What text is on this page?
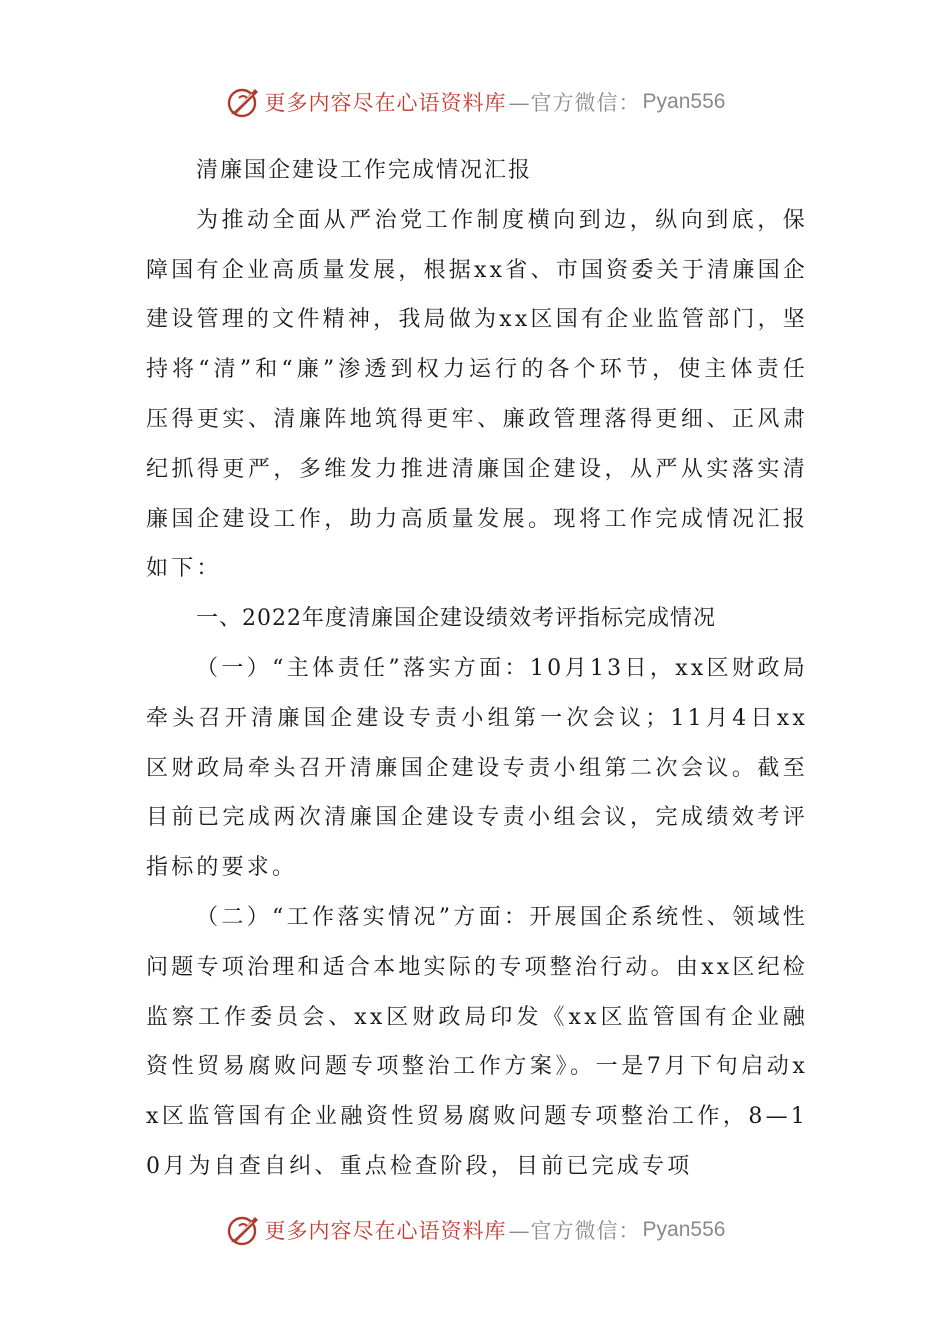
更多内容尽在心语资料库 —官方微信： Pyan556
清廉国企建设工作完成情况汇报

为推动全面从严治党工作制度横向到边，纵向到底，保障国有企业高质量发展，根据xx省、市国资委关于清廉国企建设管理的文件精神，我局做为xx区国有企业监管部门，坚持将“清”和“廉”渗透到权力运行的各个环节，使主体责任压得更实、清廉阵地筑得更牢、廉政管理落得更细、正风肃纪抓得更严，多维发力推进清廉国企建设，从严从实落实清廉国企建设工作，助力高质量发展。现将工作完成情况汇报如下：

一、2022年度清廉国企建设绩效考评指标完成情况

（一）“主体责任”落实方面：10月13日，xx区财政局牵头召开清廉国企建设专责小组第一次会议；11月4日xx区财政局牵头召开清廉国企建设专责小组第二次会议。截至目前已完成两次清廉国企建设专责小组会议，完成绩效考评指标的要求。

（二）“工作落实情况”方面：开展国企系统性、领域性问题专项治理和适合本地实际的专项整治行动。由xx区纪检监察工作委员会、xx区财政局印发《xx区监管国有企业融资性贸易腐败问题专项整治工作方案》。一是7月下旬启动xx区监管国有企业融资性贸易腐败问题专项整治工作，8—10月为自查自纠、重点检查阶段，目前已完成专项

更多内容尽在心语资料库 —官方微信： Pyan556
